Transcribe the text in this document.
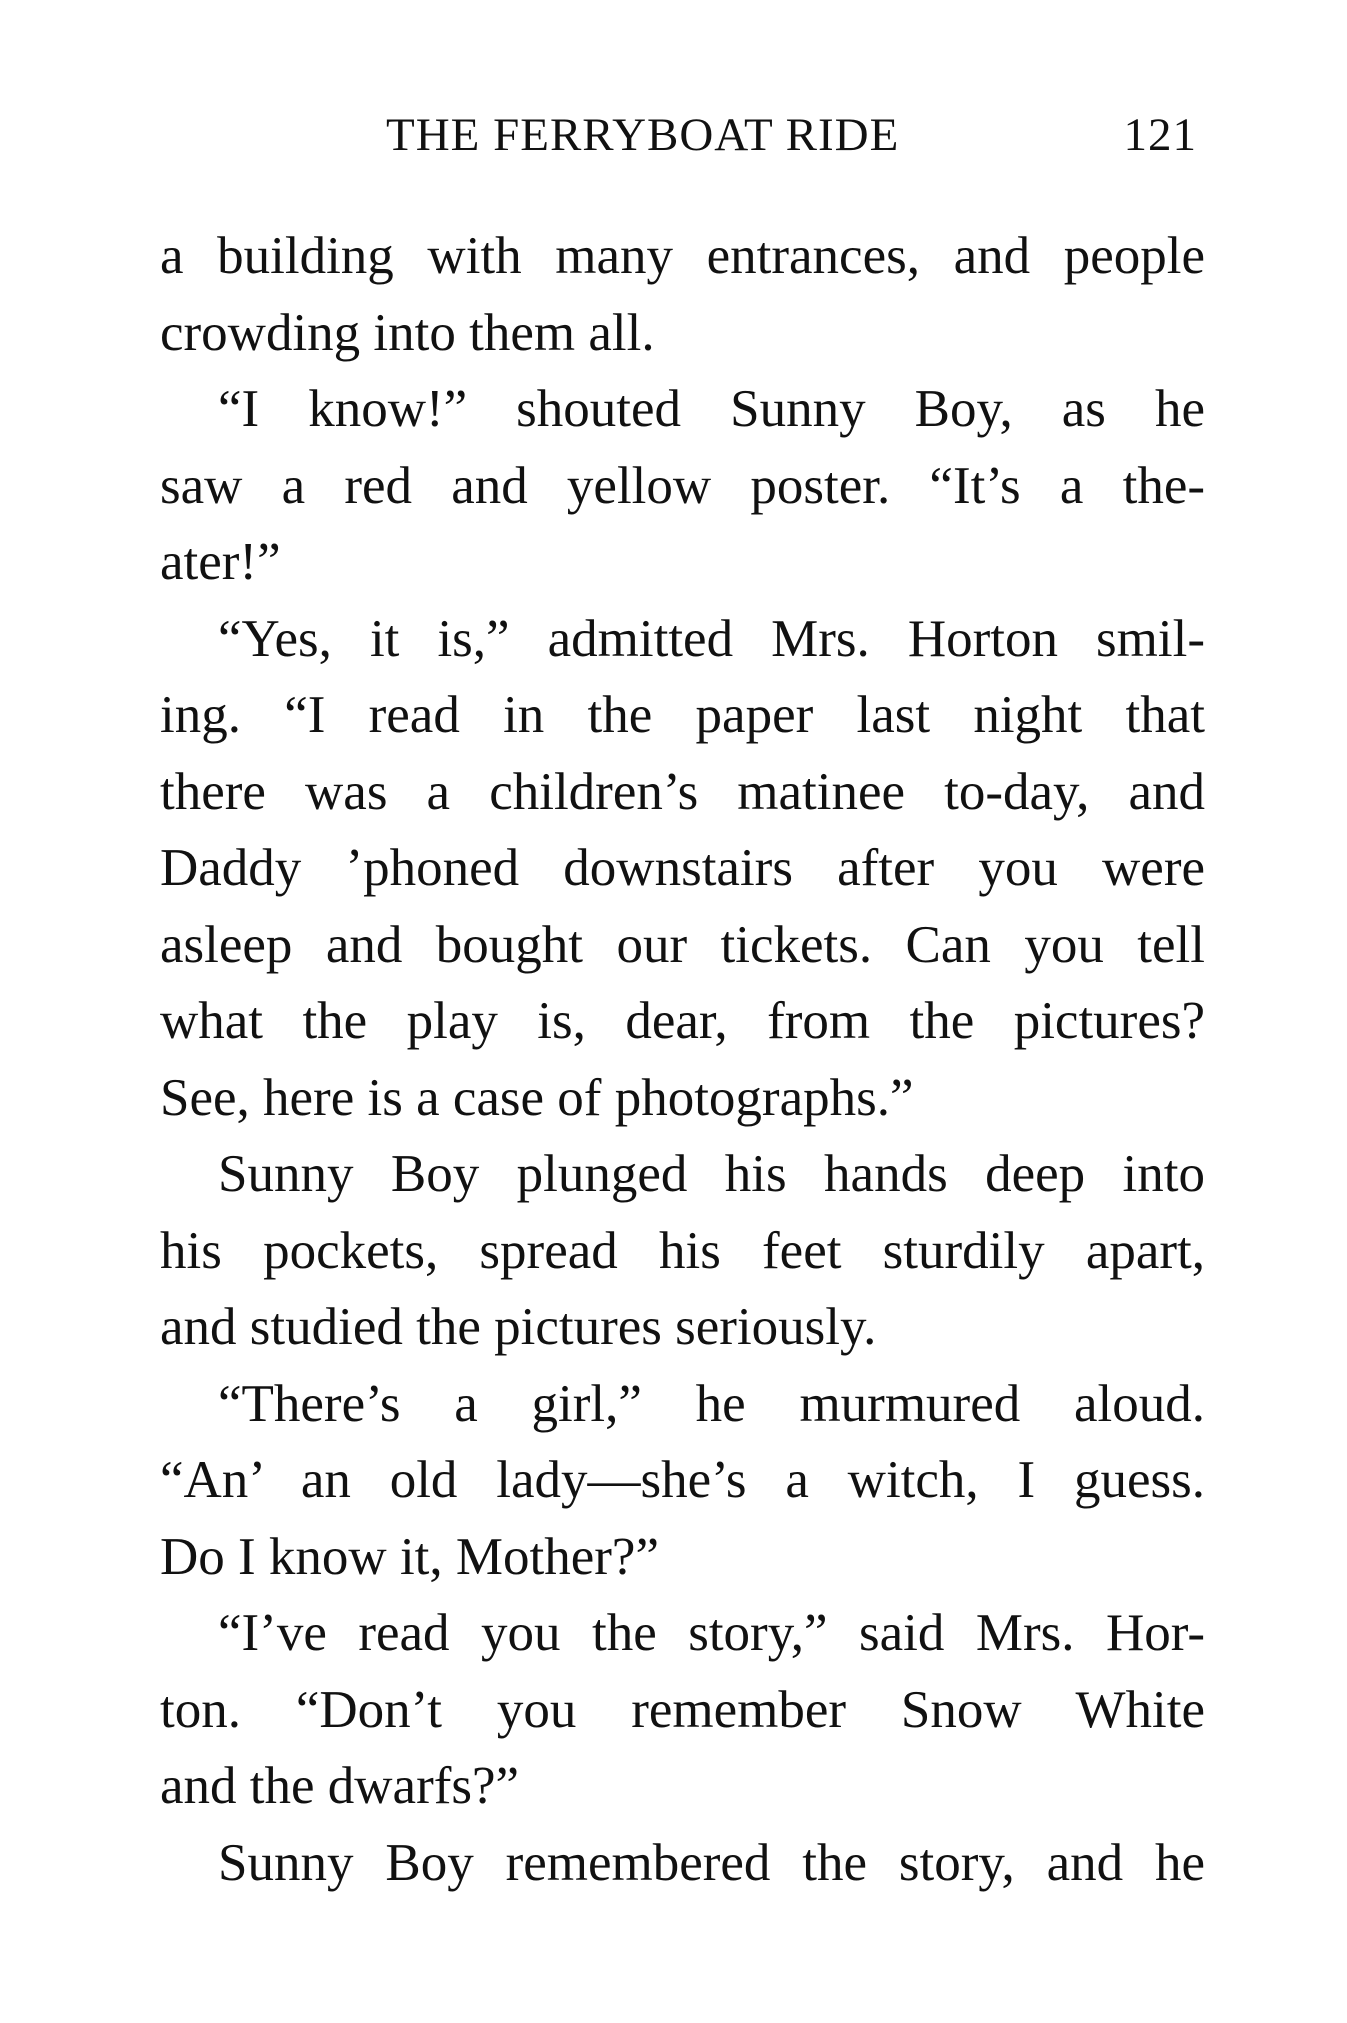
THE FERRYBOAT RIDE	121
a building with many entrances, and people
crowding into them all.
“I know!” shouted Sunny Boy, as he
saw a red and yellow poster. “It’s a the-
ater!”
“Yes, it is,” admitted Mrs. Horton smil-
ing. “I read in the paper last night that
there was a children’s matinee to-day, and
Daddy ’phoned downstairs after you were
asleep and bought our tickets. Can you tell
what the play is, dear, from the pictures?
See, here is a case of photographs.”
Sunny Boy plunged his hands deep into
his pockets, spread his feet sturdily apart,
and studied the pictures seriously.
“There’s a girl,” he murmured aloud.
“An’ an old lady—she’s a witch, I guess.
Do I know it, Mother?”
“I’ve read you the story,” said Mrs. Hor-
ton. “Don’t you remember Snow White
and the dwarfs?”
Sunny Boy remembered the story, and he
